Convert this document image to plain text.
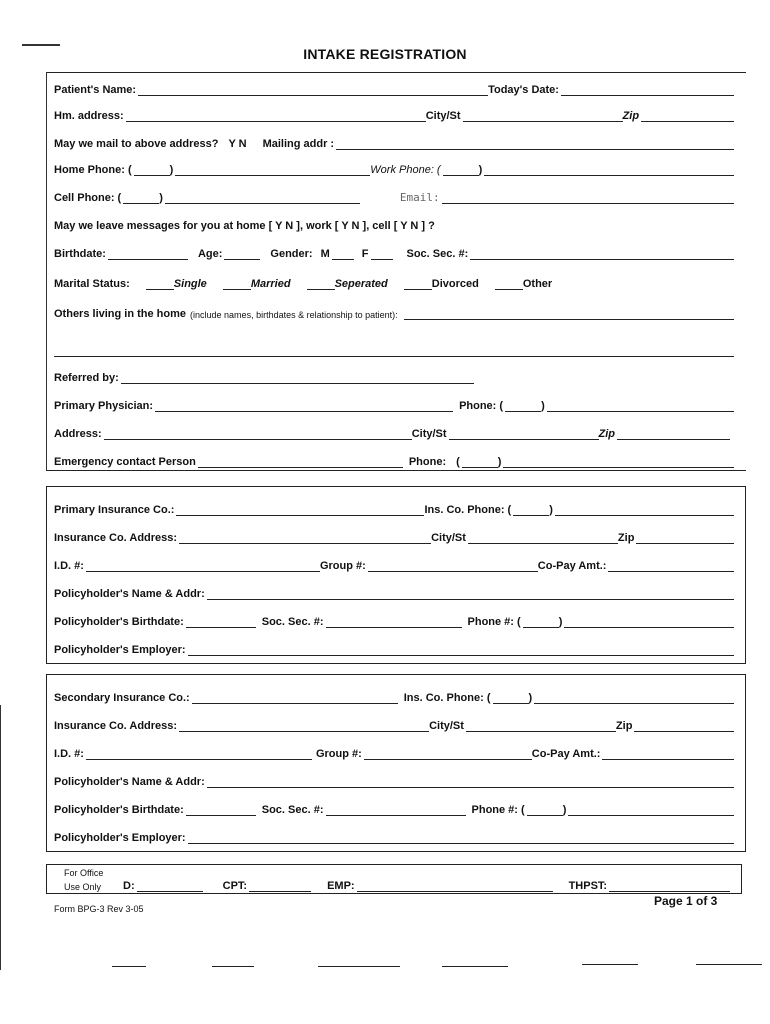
INTAKE REGISTRATION
Patient's Name:	Today's Date:
Hm. address:	City/St	Zip
May we mail to above address? Y N	Mailing addr :
Home Phone: (	)	Work Phone: (	)
Cell Phone: (	)	Email:
May we leave messages for you at home [ Y N ], work [ Y N ], cell [ Y N ] ?
Birthdate:	Age:	Gender: M	F	Soc. Sec. #:
Marital Status:	Single	Married	Seperated	Divorced	Other
Others living in the home (include names, birthdates & relationship to patient):
Referred by:
Primary Physician:	Phone: (	)
Address:	City/St	Zip
Emergency contact Person	Phone: (	)
Primary Insurance Co.:	Ins. Co. Phone: (	)
Insurance Co. Address:	City/St	Zip
I.D. #:	Group #:	Co-Pay Amt.:
Policyholder's Name & Addr:
Policyholder's Birthdate:	Soc. Sec. #:	Phone #: (	)
Policyholder's Employer:
Secondary Insurance Co.:	Ins. Co. Phone: (	)
Insurance Co. Address:	City/St	Zip
I.D. #:	Group #:	Co-Pay Amt.:
Policyholder's Name & Addr:
Policyholder's Birthdate:	Soc. Sec. #:	Phone #: (	)
Policyholder's Employer:
For Office
Use Only	D:	CPT:	EMP:	THPST:
Form BPG-3 Rev 3-05
Page 1 of 3
